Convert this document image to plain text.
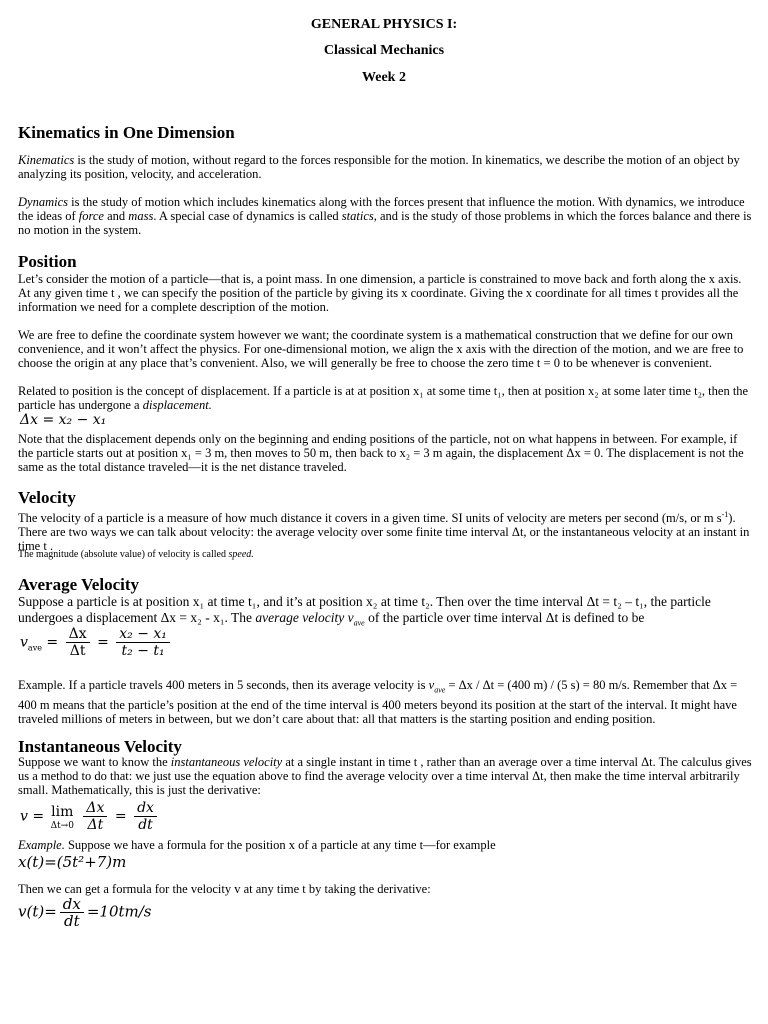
GENERAL PHYSICS I:
Classical Mechanics
Week 2
Kinematics in One Dimension

Kinematics is the study of motion, without regard to the forces responsible for the motion. In kinematics, we describe the motion of an object by analyzing its position, velocity, and acceleration.

Dynamics is the study of motion which includes kinematics along with the forces present that influence the motion. With dynamics, we introduce the ideas of force and mass. A special case of dynamics is called statics, and is the study of those problems in which the forces balance and there is no motion in the system.

Position

Let’s consider the motion of a particle—that is, a point mass. In one dimension, a particle is constrained to move back and forth along the x axis. At any given time t , we can specify the position of the particle by giving its x coordinate. Giving the x coordinate for all times t provides all the information we need for a complete description of the motion.

We are free to define the coordinate system however we want; the coordinate system is a mathematical construction that we define for our own convenience, and it won’t affect the physics. For one-dimensional motion, we align the x axis with the direction of the motion, and we are free to choose the origin at any place that’s convenient. Also, we will generally be free to choose the zero time t = 0 to be whenever is convenient.

Related to position is the concept of displacement. If a particle is at at position x₁ at some time t₁, then at position x₂ at some later time t₂, then the particle has undergone a displacement.

Δx = x₂ − x₁

Note that the displacement depends only on the beginning and ending positions of the particle, not on what happens in between. For example, if the particle starts out at position x₁ = 3 m, then moves to 50 m, then back to x₂ = 3 m again, the displacement Δx = 0. The displacement is not the same as the total distance traveled—it is the net distance traveled.

Velocity

The velocity of a particle is a measure of how much distance it covers in a given time. SI units of velocity are meters per second (m/s, or m $s^{-1}$). There are two ways we can talk about velocity: the average velocity over some finite time interval Δt, or the instantaneous velocity at an instant in time t .

The magnitude (absolute value) of velocity is called speed.

Average Velocity

Suppose a particle is at position x₁ at time t₁, and it’s at position x₂ at time t₂. Then over the time interval Δt = t₂ – t₁, the particle undergoes a displacement Δx = x₂ - x₁. The average velocity $v_{ave}$ of the particle over time interval Δt is defined to be

$v_{ave} = \frac{\Delta x}{\Delta t} = \frac{\text{x₂ − x₁}}{\text{t₂ − t₁}}$

Example. If a particle travels 400 meters in 5 seconds, then its average velocity is $v_{ave} = \Delta x / \Delta t = (400$ m) / (5 s) = 80 m/s. Remember that Δx = 400 m means that the particle’s position at the end of the time interval is 400 meters beyond its position at the start of the interval. It might have traveled millions of meters in between, but we don’t care about that: all that matters is the starting position and ending position.

Instantaneous Velocity

Suppose we want to know the instantaneous velocity at a single instant in time t , rather than an average over a time interval Δt. The calculus gives us a method to do that: we just use the equation above to find the average velocity over a time interval Δt, then make the time interval arbitrarily small. Mathematically, this is just the derivative:

v = lim
Δt→0
$\frac{\Delta x}{\Delta t} = \frac{dx}{dt}$

Example. Suppose we have a formula for the position x of a particle at any time t—for example

x(t)=(5t²+7)m

Then we can get a formula for the velocity v at any time t by taking the derivative:

$v(t)= \frac{dx}{dt} =10tm/s$
